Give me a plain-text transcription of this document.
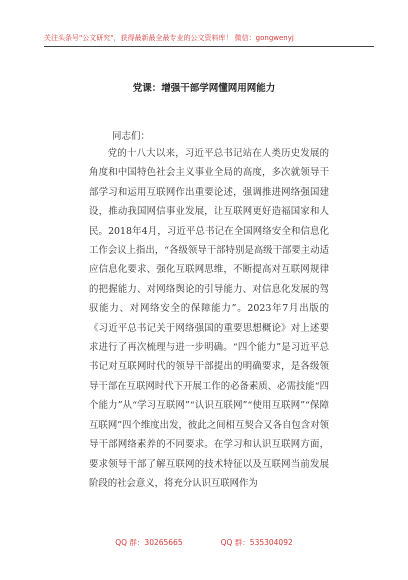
关注头条号"公文研究"，获得最新最全最专业的公文资料库！ 微信：gongwenyj
党课：增强干部学网懂网用网能力
同志们：
党的十八大以来，习近平总书记站在人类历史发展的角度和中国特色社会主义事业全局的高度，多次就领导干部学习和运用互联网作出重要论述，强调推进网络强国建设，推动我国网信事业发展，让互联网更好造福国家和人民。2018年4月，习近平总书记在全国网络安全和信息化工作会议上指出，“各级领导干部特别是高级干部要主动适应信息化要求、强化互联网思维，不断提高对互联网规律的把握能力、对网络舆论的引导能力、对信息化发展的驾驭能力、对网络安全的保障能力”。2023年7月出版的《习近平总书记关于网络强国的重要思想概论》对上述要求进行了再次梳理与进一步明确。“四个能力”是习近平总书记对互联网时代的领导干部提出的明确要求，是各级领导干部在互联网时代下开展工作的必备素质、必需技能“四个能力”从“学习互联网”“认识互联网”“使用互联网”“保障互联网”四个维度出发，彼此之间相互契合又各自包含对领导干部网络素养的不同要求。在学习和认识互联网方面，要求领导干部了解互联网的技术特征以及互联网当前发展阶段的社会意义，将充分认识互联网作为
QQ 群：30265665	QQ 群：535304092
